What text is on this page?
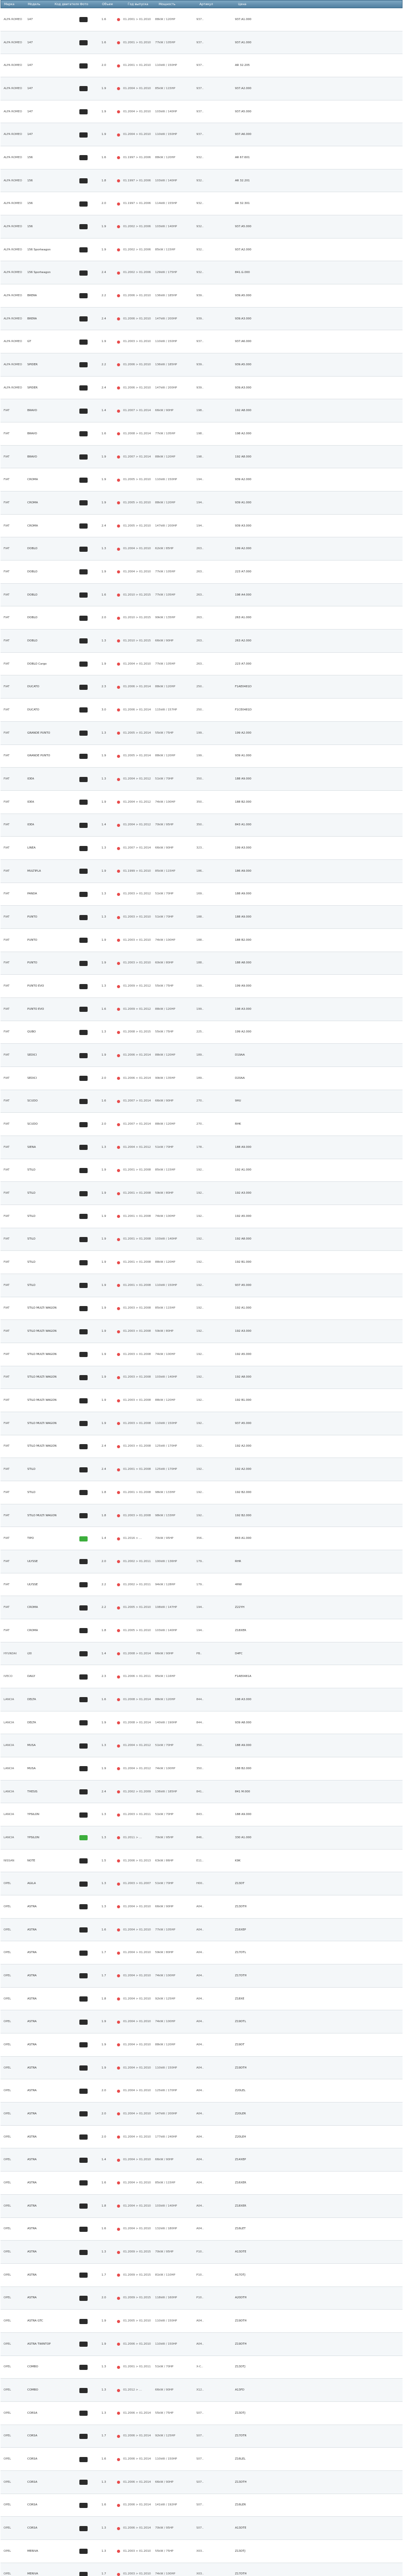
Марка	Модель	Код двигателя Фото	Объем	Год выпуска	Мощность	Артикул	Цена
ALFA ROMEO	147	1.6	01.2001 > 01.2010	88kW / 120HP	937..	937.A1.000
ALFA ROMEO	147	1.6	01.2001 > 01.2010	77kW / 105HP	937..	937.A1.000
ALFA ROMEO	147	2.0	01.2001 > 01.2010	110kW / 150HP	937..	AR 32.205
ALFA ROMEO	147	1.9	01.2004 > 01.2010	85kW / 115HP	937..	937.A2.000
ALFA ROMEO	147	1.9	01.2004 > 01.2010	103kW / 140HP	937..	937.A5.000
ALFA ROMEO	147	1.9	01.2004 > 01.2010	110kW / 150HP	937..	937.A6.000
ALFA ROMEO	156	1.6	01.1997 > 01.2006	88kW / 120HP	932..	AR 67.601
ALFA ROMEO	156	1.8	01.1997 > 01.2006	103kW / 140HP	932..	AR 32.201
ALFA ROMEO	156	2.0	01.1997 > 01.2006	114kW / 155HP	932..	AR 32.301
ALFA ROMEO	156	1.9	01.2002 > 01.2006	103kW / 140HP	932..	937.A5.000
ALFA ROMEO	156 Sportwagon	1.9	01.2002 > 01.2006	85kW / 115HP	932..	937.A2.000
ALFA ROMEO	156 Sportwagon	2.4	01.2002 > 01.2006	129kW / 175HP	932..	841.G.000
ALFA ROMEO	BRERA	2.2	01.2006 > 01.2010	136kW / 185HP	939..	939.A5.000
ALFA ROMEO	BRERA	2.4	01.2006 > 01.2010	147kW / 200HP	939..	939.A3.000
ALFA ROMEO	GT	1.9	01.2003 > 01.2010	110kW / 150HP	937..	937.A6.000
ALFA ROMEO	SPIDER	2.2	01.2006 > 01.2010	136kW / 185HP	939..	939.A5.000
ALFA ROMEO	SPIDER	2.4	01.2006 > 01.2010	147kW / 200HP	939..	939.A3.000
FIAT	BRAVO	1.4	01.2007 > 01.2014	66kW / 90HP	198..	192 A8.000
FIAT	BRAVO	1.6	01.2008 > 01.2014	77kW / 105HP	198..	198 A2.000
FIAT	BRAVO	1.9	01.2007 > 01.2014	88kW / 120HP	198..	192 A8.000
FIAT	CROMA	1.9	01.2005 > 01.2010	110kW / 150HP	194..	939 A2.000
FIAT	CROMA	1.9	01.2005 > 01.2010	88kW / 120HP	194..	939 A1.000
FIAT	CROMA	2.4	01.2005 > 01.2010	147kW / 200HP	194..	939 A3.000
FIAT	DOBLO	1.3	01.2004 > 01.2010	62kW / 85HP	263..	199 A2.000
FIAT	DOBLO	1.9	01.2004 > 01.2010	77kW / 105HP	263..	223 A7.000
FIAT	DOBLO	1.6	01.2010 > 01.2015	77kW / 105HP	263..	198 A4.000
FIAT	DOBLO	2.0	01.2010 > 01.2015	99kW / 135HP	263..	263 A1.000
FIAT	DOBLO	1.3	01.2010 > 01.2015	66kW / 90HP	263..	263 A2.000
FIAT	DOBLO Cargo	1.9	01.2004 > 01.2010	77kW / 105HP	263..	223 A7.000
FIAT	DUCATO	2.3	01.2006 > 01.2014	88kW / 120HP	250..	F1AE0481D
FIAT	DUCATO	3.0	01.2006 > 01.2014	115kW / 157HP	250..	F1CE0481D
FIAT	GRANDE PUNTO	1.3	01.2005 > 01.2014	55kW / 75HP	199..	199 A2.000
FIAT	GRANDE PUNTO	1.9	01.2005 > 01.2014	88kW / 120HP	199..	939 A1.000
FIAT	IDEA	1.3	01.2004 > 01.2012	51kW / 70HP	350..	188 A9.000
FIAT	IDEA	1.9	01.2004 > 01.2012	74kW / 100HP	350..	188 B2.000
FIAT	IDEA	1.4	01.2004 > 01.2012	70kW / 95HP	350..	843 A1.000
FIAT	LINEA	1.3	01.2007 > 01.2014	66kW / 90HP	323..	199 A3.000
FIAT	MULTIPLA	1.9	01.1999 > 01.2010	85kW / 115HP	186..	186 A9.000
FIAT	PANDA	1.3	01.2003 > 01.2012	51kW / 70HP	169..	188 A9.000
FIAT	PUNTO	1.3	01.2003 > 01.2010	51kW / 70HP	188..	188 A9.000
FIAT	PUNTO	1.9	01.2003 > 01.2010	74kW / 100HP	188..	188 B2.000
FIAT	PUNTO	1.9	01.2003 > 01.2010	60kW / 80HP	188..	188 A8.000
FIAT	PUNTO EVO	1.3	01.2009 > 01.2012	55kW / 75HP	199..	199 A9.000
FIAT	PUNTO EVO	1.6	01.2009 > 01.2012	88kW / 120HP	199..	198 A3.000
FIAT	QUBO	1.3	01.2008 > 01.2015	55kW / 75HP	225..	199 A2.000
FIAT	SEDICI	1.9	01.2006 > 01.2014	88kW / 120HP	189..	D19AA
FIAT	SEDICI	2.0	01.2006 > 01.2014	99kW / 135HP	189..	D20AA
FIAT	SCUDO	1.6	01.2007 > 01.2014	66kW / 90HP	270..	9HU
FIAT	SCUDO	2.0	01.2007 > 01.2014	88kW / 120HP	270..	RHK
FIAT	SIENA	1.3	01.2004 > 01.2012	51kW / 70HP	178..	188 A9.000
FIAT	STILO	1.9	01.2001 > 01.2008	85kW / 115HP	192..	192 A1.000
FIAT	STILO	1.9	01.2001 > 01.2008	59kW / 80HP	192..	192 A3.000
FIAT	STILO	1.9	01.2001 > 01.2008	74kW / 100HP	192..	192 A5.000
FIAT	STILO	1.9	01.2001 > 01.2008	103kW / 140HP	192..	192 A8.000
FIAT	STILO	1.9	01.2001 > 01.2008	88kW / 120HP	192..	192 B1.000
FIAT	STILO	1.9	01.2001 > 01.2008	110kW / 150HP	192..	937 A5.000
FIAT	STILO MULTI WAGON	1.9	01.2003 > 01.2008	85kW / 115HP	192..	192 A1.000
FIAT	STILO MULTI WAGON	1.9	01.2003 > 01.2008	59kW / 80HP	192..	192 A3.000
FIAT	STILO MULTI WAGON	1.9	01.2003 > 01.2008	74kW / 100HP	192..	192 A5.000
FIAT	STILO MULTI WAGON	1.9	01.2003 > 01.2008	103kW / 140HP	192..	192 A8.000
FIAT	STILO MULTI WAGON	1.9	01.2003 > 01.2008	88kW / 120HP	192..	192 B1.000
FIAT	STILO MULTI WAGON	1.9	01.2003 > 01.2008	110kW / 150HP	192..	937 A5.000
FIAT	STILO MULTI WAGON	2.4	01.2003 > 01.2008	125kW / 170HP	192..	192 A2.000
FIAT	STILO	2.4	01.2001 > 01.2008	125kW / 170HP	192..	192 A2.000
FIAT	STILO	1.8	01.2001 > 01.2008	98kW / 133HP	192..	192 B2.000
FIAT	STILO MULTI WAGON	1.8	01.2003 > 01.2008	98kW / 133HP	192..	192 B2.000
FIAT	TIPO	1.4	01.2016 > ...	70kW / 95HP	356..	843 A1.000
FIAT	ULYSSE	2.0	01.2002 > 01.2011	100kW / 136HP	179..	RHR
FIAT	ULYSSE	2.2	01.2002 > 01.2011	94kW / 128HP	179..	4HW
FIAT	CROMA	2.2	01.2005 > 01.2010	108kW / 147HP	194..	Z22YH
FIAT	CROMA	1.8	01.2005 > 01.2010	103kW / 140HP	194..	Z18XER
HYUNDAI	i20	1.4	01.2008 > 01.2014	66kW / 90HP	PB..	D4FC
IVECO	DAILY	2.3	01.2006 > 01.2011	85kW / 116HP	F1AE0481A
LANCIA	DELTA	1.6	01.2008 > 01.2014	88kW / 120HP	844..	198 A3.000
LANCIA	DELTA	1.9	01.2008 > 01.2014	140kW / 190HP	844..	939 A8.000
LANCIA	MUSA	1.3	01.2004 > 01.2012	51kW / 70HP	350..	188 A9.000
LANCIA	MUSA	1.9	01.2004 > 01.2012	74kW / 100HP	350..	188 B2.000
LANCIA	THESIS	2.4	01.2002 > 01.2009	136kW / 185HP	841..	841 M.000
LANCIA	YPSILON	1.3	01.2003 > 01.2011	51kW / 70HP	843..	188 A9.000
LANCIA	YPSILON	1.3	01.2011 > ...	70kW / 95HP	846..	330 A1.000
NISSAN	NOTE	1.5	01.2006 > 01.2013	63kW / 86HP	E11..	K9K
OPEL	AGILA	1.3	01.2003 > 01.2007	51kW / 70HP	H00..	Z13DT
OPEL	ASTRA	1.3	01.2004 > 01.2010	66kW / 90HP	A04..	Z13DTH
OPEL	ASTRA	1.6	01.2004 > 01.2010	77kW / 105HP	A04..	Z16XEP
OPEL	ASTRA	1.7	01.2004 > 01.2010	59kW / 80HP	A04..	Z17DTL
OPEL	ASTRA	1.7	01.2004 > 01.2010	74kW / 100HP	A04..	Z17DTH
OPEL	ASTRA	1.8	01.2004 > 01.2010	92kW / 125HP	A04..	Z18XE
OPEL	ASTRA	1.9	01.2004 > 01.2010	74kW / 100HP	A04..	Z19DTL
OPEL	ASTRA	1.9	01.2004 > 01.2010	88kW / 120HP	A04..	Z19DT
OPEL	ASTRA	1.9	01.2004 > 01.2010	110kW / 150HP	A04..	Z19DTH
OPEL	ASTRA	2.0	01.2004 > 01.2010	125kW / 170HP	A04..	Z20LEL
OPEL	ASTRA	2.0	01.2004 > 01.2010	147kW / 200HP	A04..	Z20LER
OPEL	ASTRA	2.0	01.2004 > 01.2010	177kW / 240HP	A04..	Z20LEH
OPEL	ASTRA	1.4	01.2004 > 01.2010	66kW / 90HP	A04..	Z14XEP
OPEL	ASTRA	1.6	01.2004 > 01.2010	85kW / 115HP	A04..	Z16XER
OPEL	ASTRA	1.8	01.2004 > 01.2010	103kW / 140HP	A04..	Z18XER
OPEL	ASTRA	1.6	01.2004 > 01.2010	132kW / 180HP	A04..	Z16LET
OPEL	ASTRA	1.3	01.2009 > 01.2015	70kW / 95HP	P10..	A13DTE
OPEL	ASTRA	1.7	01.2009 > 01.2015	81kW / 110HP	P10..	A17DTJ
OPEL	ASTRA	2.0	01.2009 > 01.2015	118kW / 160HP	P10..	A20DTH
OPEL	ASTRA GTC	1.9	01.2005 > 01.2010	110kW / 150HP	A04..	Z19DTH
OPEL	ASTRA TWINTOP	1.9	01.2006 > 01.2010	110kW / 150HP	A04..	Z19DTH
OPEL	COMBO	1.3	01.2001 > 01.2011	51kW / 70HP	X-C..	Z13DTJ
OPEL	COMBO	1.3	01.2012 > ...	66kW / 90HP	X12..	A13FD
OPEL	CORSA	1.3	01.2006 > 01.2014	55kW / 75HP	S07..	Z13DTJ
OPEL	CORSA	1.7	01.2006 > 01.2014	92kW / 125HP	S07..	Z17DTR
OPEL	CORSA	1.6	01.2006 > 01.2014	110kW / 150HP	S07..	Z16LEL
OPEL	CORSA	1.3	01.2006 > 01.2014	66kW / 90HP	S07..	Z13DTH
OPEL	CORSA	1.6	01.2006 > 01.2014	141kW / 192HP	S07..	Z16LER
OPEL	CORSA	1.3	01.2006 > 01.2014	70kW / 95HP	S07..	A13DTE
OPEL	MERIVA	1.3	01.2003 > 01.2010	55kW / 75HP	X03..	Z13DTJ
OPEL	MERIVA	1.7	01.2003 > 01.2010	74kW / 100HP	X03..	Z17DTH
